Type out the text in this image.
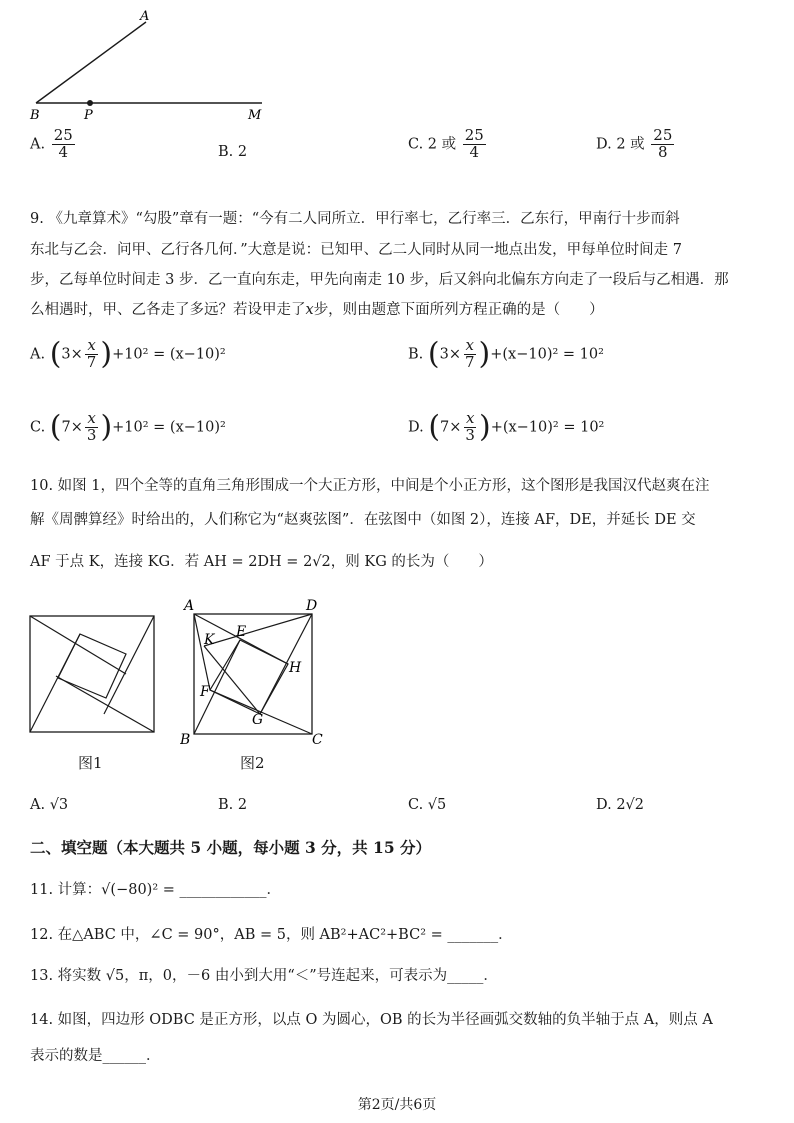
A
B	P	M
A. $\frac{25}{4}$	B. 2	C. 2 或 $\frac{25}{4}$	D. 2 或 $\frac{25}{8}$
9. 《九章算术》“勾股”章有一题：“今有二人同所立．甲行率七，乙行率三．乙东行，甲南行十步而斜
东北与乙会．问甲、乙行各几何．”大意是说：已知甲、乙二人同时从同一地点出发，甲每单位时间走 7
步，乙每单位时间走 3 步．乙一直向东走，甲先向南走 10 步，后又斜向北偏东方向走了一段后与乙相遇．那
么相遇时，甲、乙各走了多远？若设甲走了x步，则由题意下面所列方程正确的是（　　）
A. $(3\times \frac{x}{7} )+10^2 = (x-10)^2$	B. $(3\times \frac{x}{7} )+(x-10)^2 = 10^2$
C. $(7\times \frac{x}{3} )+10^2 = (x-10)^2$	D. $(7\times \frac{x}{3} )+(x-10)^2 = 10^2$
10. 如图 1，四个全等的直角三角形围成一个大正方形，中间是个小正方形，这个图形是我国汉代赵爽在注
解《周髀算经》时给出的，人们称它为“赵爽弦图”．在弦图中（如图 2），连接 AF，DE，并延长 DE 交
AF 于点 K，连接 KG．若 AH = 2DH = 2√2，则 KG 的长为（　　）
图1
A	D
K E
H
F
G
B	C
图2
A. √3	B. 2	C. √5	D. 2√2
二、填空题（本大题共 5 小题，每小题 3 分，共 15 分）
11. 计算：√(−80)² = ____________．
12. 在△ABC 中，∠C = 90°，AB = 5，则 AB²+AC²+BC² = _______．
13. 将实数 √5，π，0，－6 由小到大用“＜”号连起来，可表示为_____．
14. 如图，四边形 ODBC 是正方形，以点 O 为圆心，OB 的长为半径画弧交数轴的负半轴于点 A，则点 A
表示的数是______．
第2页/共6页
